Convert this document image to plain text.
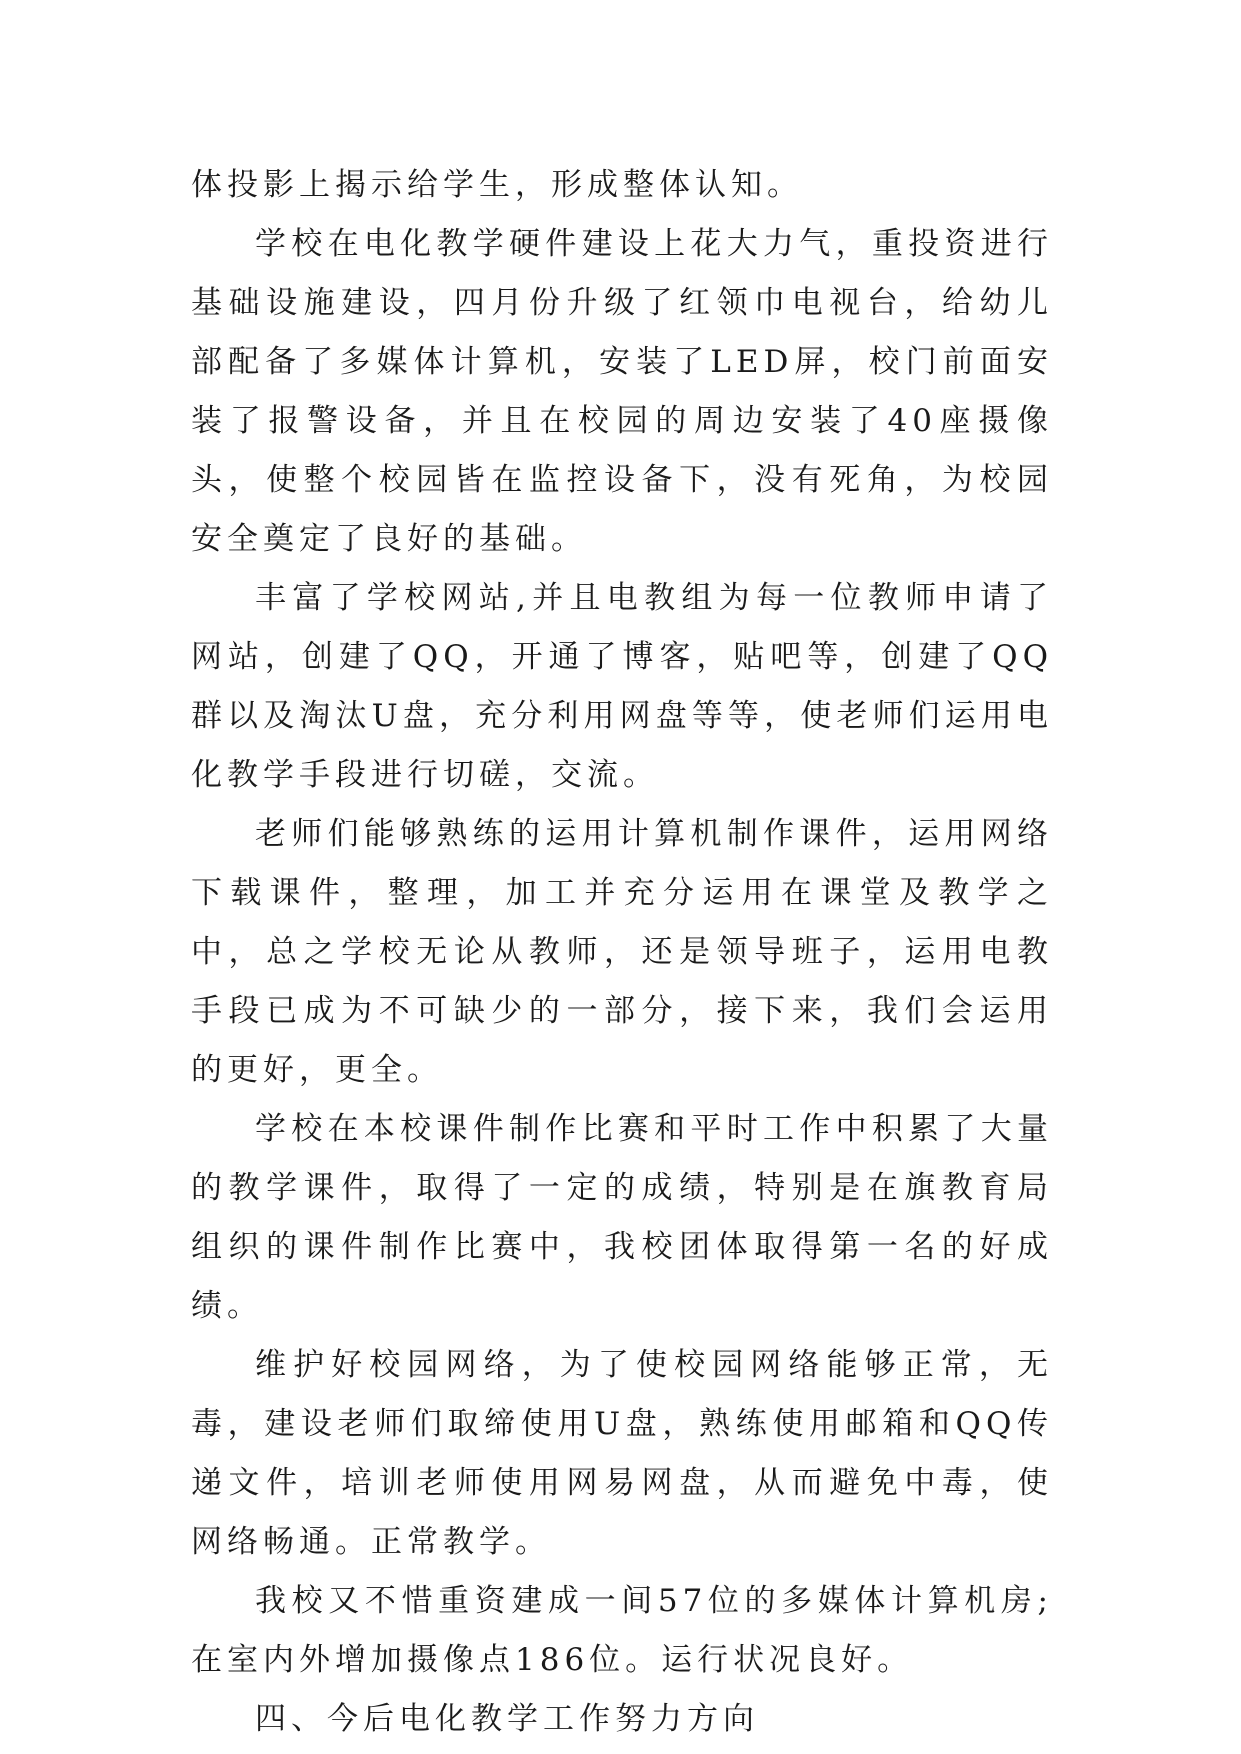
体投影上揭示给学生，形成整体认知。

学校在电化教学硬件建设上花大力气，重投资进行基础设施建设，四月份升级了红领巾电视台，给幼儿部配备了多媒体计算机，安装了LED屏，校门前面安装了报警设备，并且在校园的周边安装了40座摄像头，使整个校园皆在监控设备下，没有死角，为校园安全奠定了良好的基础。

丰富了学校网站,并且电教组为每一位教师申请了网站，创建了QQ，开通了博客，贴吧等，创建了QQ群以及淘汰U盘，充分利用网盘等等，使老师们运用电化教学手段进行切磋，交流。

老师们能够熟练的运用计算机制作课件，运用网络下载课件，整理，加工并充分运用在课堂及教学之中，总之学校无论从教师，还是领导班子，运用电教手段已成为不可缺少的一部分，接下来，我们会运用的更好，更全。

学校在本校课件制作比赛和平时工作中积累了大量的教学课件，取得了一定的成绩，特别是在旗教育局组织的课件制作比赛中，我校团体取得第一名的好成绩。

维护好校园网络，为了使校园网络能够正常，无毒，建设老师们取缔使用U盘，熟练使用邮箱和QQ传递文件，培训老师使用网易网盘，从而避免中毒，使网络畅通。正常教学。

我校又不惜重资建成一间57位的多媒体计算机房;在室内外增加摄像点186位。运行状况良好。

四、今后电化教学工作努力方向
